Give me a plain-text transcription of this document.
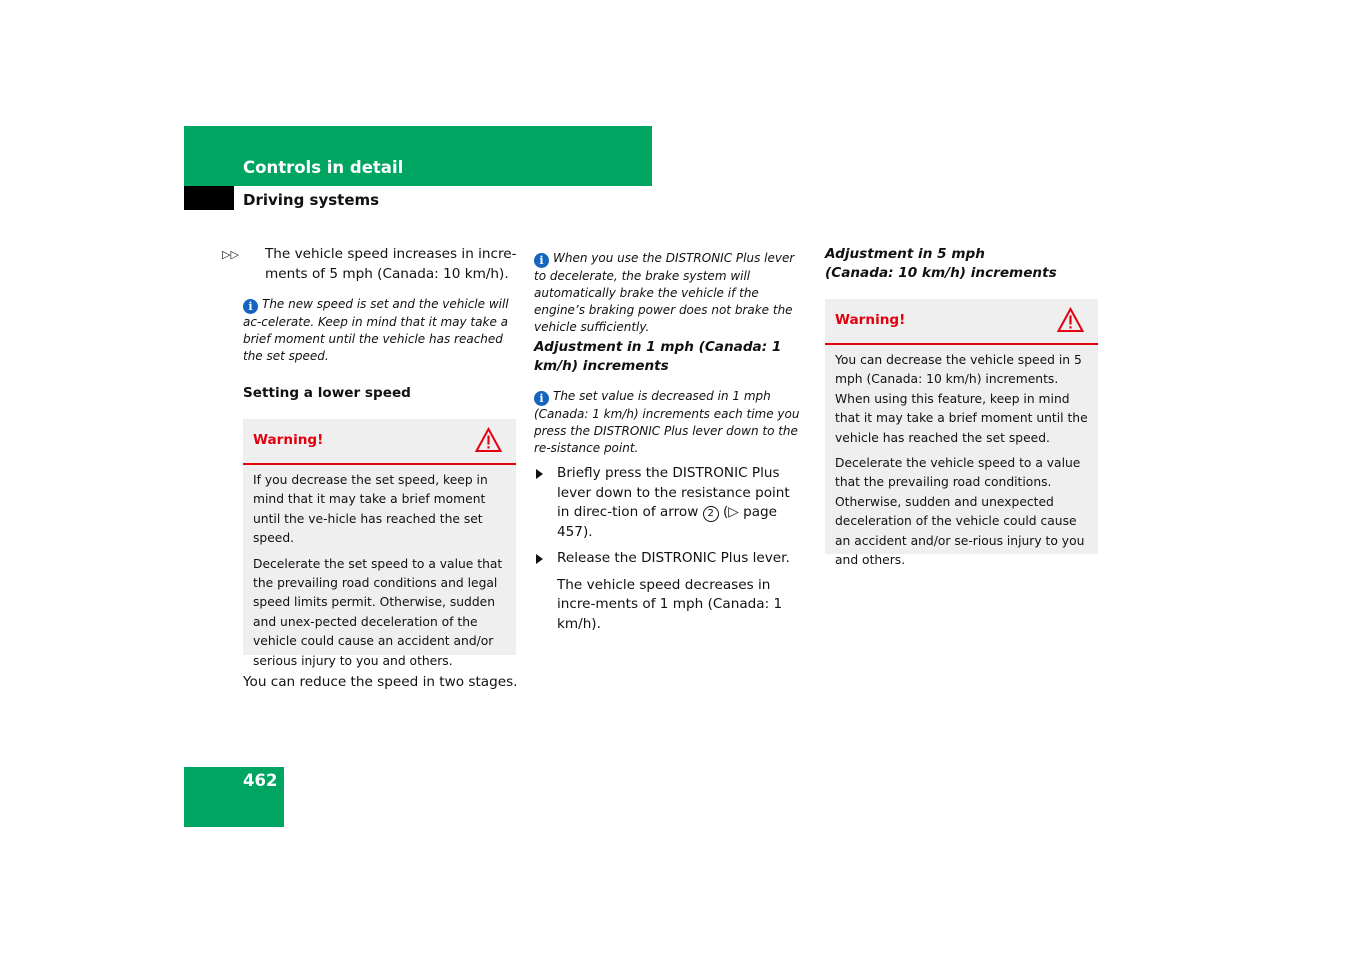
Controls in detail
Driving systems
▷▷ The vehicle speed increases in incre-

ments of 5 mph (Canada: 10 km/h).

i The new speed is set and the vehicle will ac-celerate. Keep in mind that it may take a brief moment until the vehicle has reached the set speed.
Setting a lower speed
Warning!

If you decrease the set speed, keep in mind that it may take a brief moment until the ve-hicle has reached the set speed.

Decelerate the set speed to a value that the prevailing road conditions and legal speed limits permit. Otherwise, sudden and unex-pected deceleration of the vehicle could cause an accident and/or serious injury to you and others.

You can reduce the speed in two stages.
i When you use the DISTRONIC Plus lever to decelerate, the brake system will automatically brake the vehicle if the engine’s braking power does not brake the vehicle sufficiently.
Adjustment in 1 mph (Canada: 1 km/h) increments
i The set value is decreased in 1 mph (Canada: 1 km/h) increments each time you press the DISTRONIC Plus lever down to the re-sistance point.
Briefly press the DISTRONIC Plus lever down to the resistance point in direc-tion of arrow 2 (▷ page 457).
Release the DISTRONIC Plus lever.
The vehicle speed decreases in incre-ments of 1 mph (Canada: 1 km/h).

Adjustment in 5 mph

(Canada: 10 km/h) increments

Warning!

You can decrease the vehicle speed in 5 mph (Canada: 10 km/h) increments. When using this feature, keep in mind that it may take a brief moment until the vehicle has reached the set speed.

Decelerate the vehicle speed to a value that the prevailing road conditions. Otherwise, sudden and unexpected deceleration of the vehicle could cause an accident and/or se-rious injury to you and others.

462
